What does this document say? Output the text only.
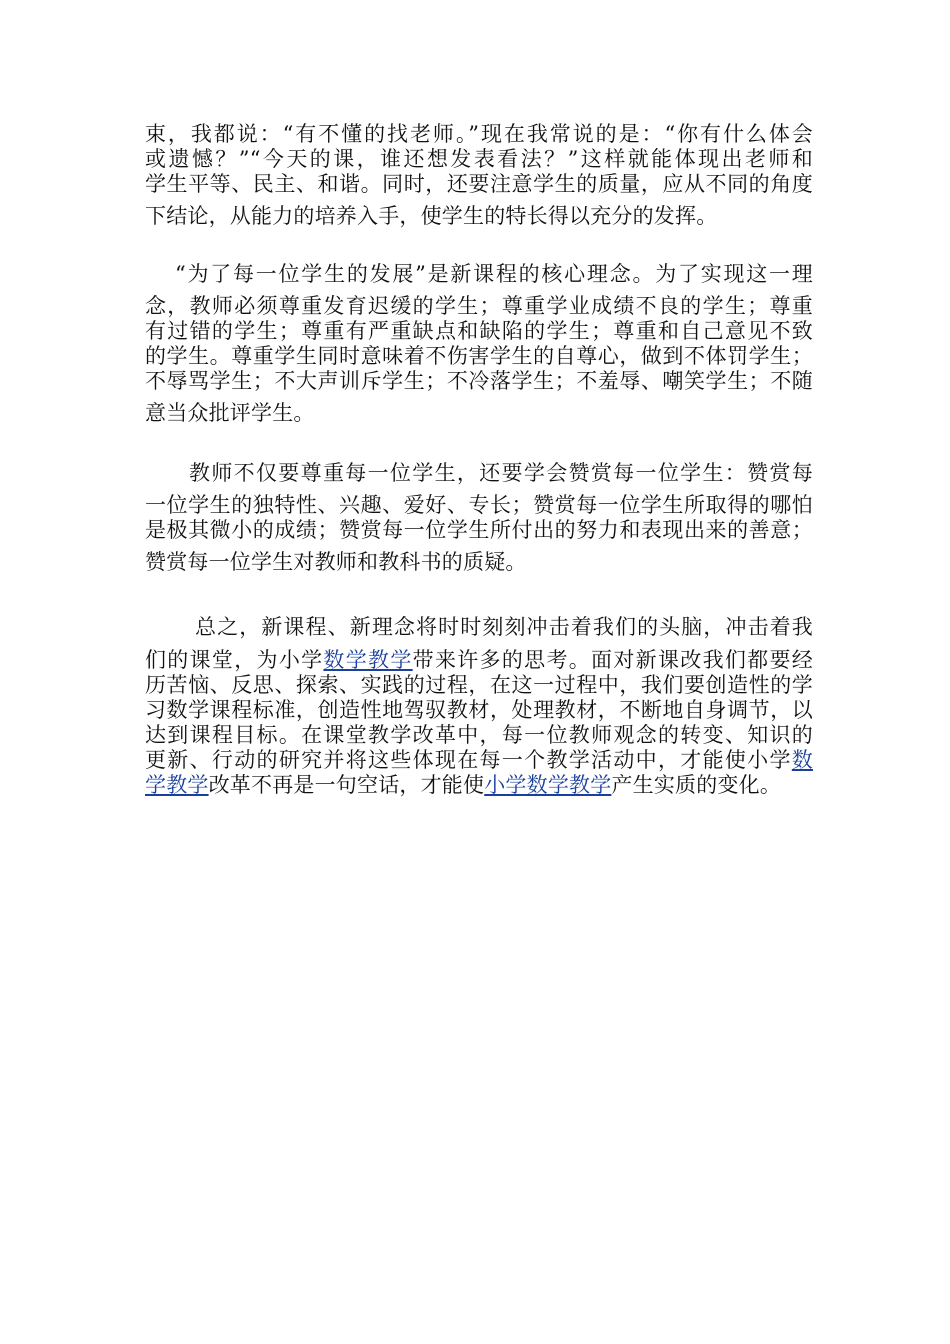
束，我都说：“有不懂的找老师。”现在我常说的是：“你有什么体会
或遗憾？”“今天的课，谁还想发表看法？”这样就能体现出老师和
学生平等、民主、和谐。同时，还要注意学生的质量，应从不同的角度
下结论，从能力的培养入手，使学生的特长得以充分的发挥。
“为了每一位学生的发展”是新课程的核心理念。为了实现这一理
念，教师必须尊重发育迟缓的学生；尊重学业成绩不良的学生；尊重
有过错的学生；尊重有严重缺点和缺陷的学生；尊重和自己意见不致
的学生。尊重学生同时意味着不伤害学生的自尊心，做到不体罚学生；
不辱骂学生；不大声训斥学生；不冷落学生；不羞辱、嘲笑学生；不随
意当众批评学生。
教师不仅要尊重每一位学生，还要学会赞赏每一位学生：赞赏每
一位学生的独特性、兴趣、爱好、专长；赞赏每一位学生所取得的哪怕
是极其微小的成绩；赞赏每一位学生所付出的努力和表现出来的善意；
赞赏每一位学生对教师和教科书的质疑。
总之，新课程、新理念将时时刻刻冲击着我们的头脑，冲击着我
们的课堂，为小学数学教学带来许多的思考。面对新课改我们都要经
历苦恼、反思、探索、实践的过程，在这一过程中，我们要创造性的学
习数学课程标准，创造性地驾驭教材，处理教材，不断地自身调节，以
达到课程目标。在课堂教学改革中，每一位教师观念的转变、知识的
更新、行动的研究并将这些体现在每一个教学活动中，才能使小学数
学教学改革不再是一句空话，才能使小学数学教学产生实质的变化。
